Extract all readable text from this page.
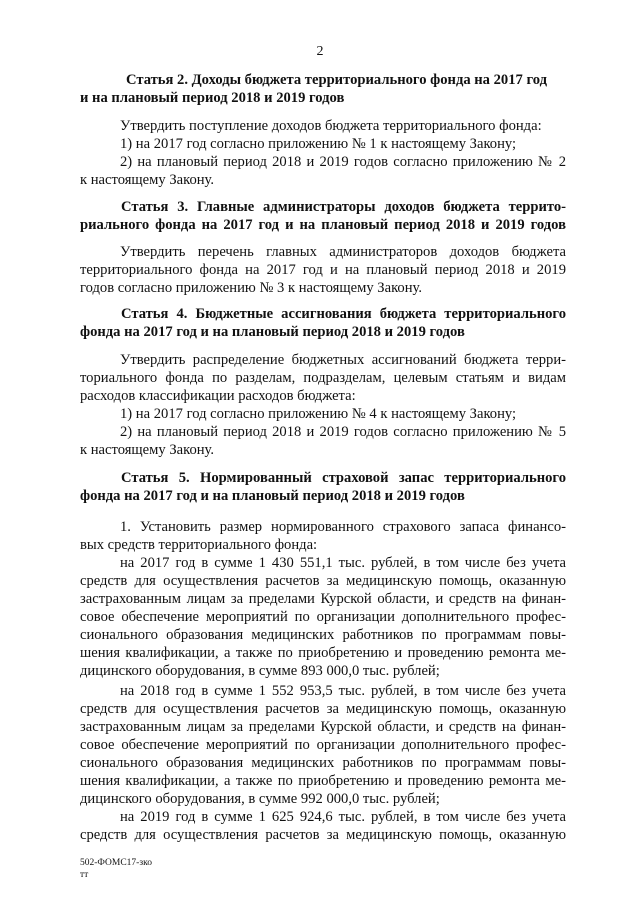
2
Статья 2. Доходы бюджета территориального фонда на 2017 год
и на плановый период 2018 и 2019 годов
Утвердить поступление доходов бюджета территориального фонда:
1) на 2017 год согласно приложению № 1 к настоящему Закону;
2) на плановый период 2018 и 2019 годов согласно приложению № 2
к настоящему Закону.
Статья 3. Главные администраторы доходов бюджета террито-
риального фонда на 2017 год и на плановый период 2018 и 2019 годов
Утвердить перечень главных администраторов доходов бюджета
территориального фонда на 2017 год и на плановый период 2018 и 2019
годов согласно приложению № 3 к настоящему Закону.
Статья 4. Бюджетные ассигнования бюджета территориального
фонда на 2017 год и на плановый период 2018 и 2019 годов
Утвердить распределение бюджетных ассигнований бюджета терри-
ториального фонда по разделам, подразделам, целевым статьям и видам
расходов классификации расходов бюджета:
1) на 2017 год согласно приложению № 4 к настоящему Закону;
2) на плановый период 2018 и 2019 годов согласно приложению № 5
к настоящему Закону.
Статья 5. Нормированный страховой запас территориального
фонда на 2017 год и на плановый период 2018 и 2019 годов
1. Установить размер нормированного страхового запаса финансо-
вых средств территориального фонда:
на 2017 год в сумме 1 430 551,1 тыс. рублей, в том числе без учета
средств для осуществления расчетов за медицинскую помощь, оказанную
застрахованным лицам за пределами Курской области, и средств на финан-
совое обеспечение мероприятий по организации дополнительного профес-
сионального образования медицинских работников по программам повы-
шения квалификации, а также по приобретению и проведению ремонта ме-
дицинского оборудования, в сумме 893 000,0 тыс. рублей;
на 2018 год в сумме 1 552 953,5 тыс. рублей, в том числе без учета
средств для осуществления расчетов за медицинскую помощь, оказанную
застрахованным лицам за пределами Курской области, и средств на финан-
совое обеспечение мероприятий по организации дополнительного профес-
сионального образования медицинских работников по программам повы-
шения квалификации, а также по приобретению и проведению ремонта ме-
дицинского оборудования, в сумме 992 000,0 тыс. рублей;
на 2019 год в сумме 1 625 924,6 тыс. рублей, в том числе без учета
средств для осуществления расчетов за медицинскую помощь, оказанную
502-ФОМС17-зко
тт
